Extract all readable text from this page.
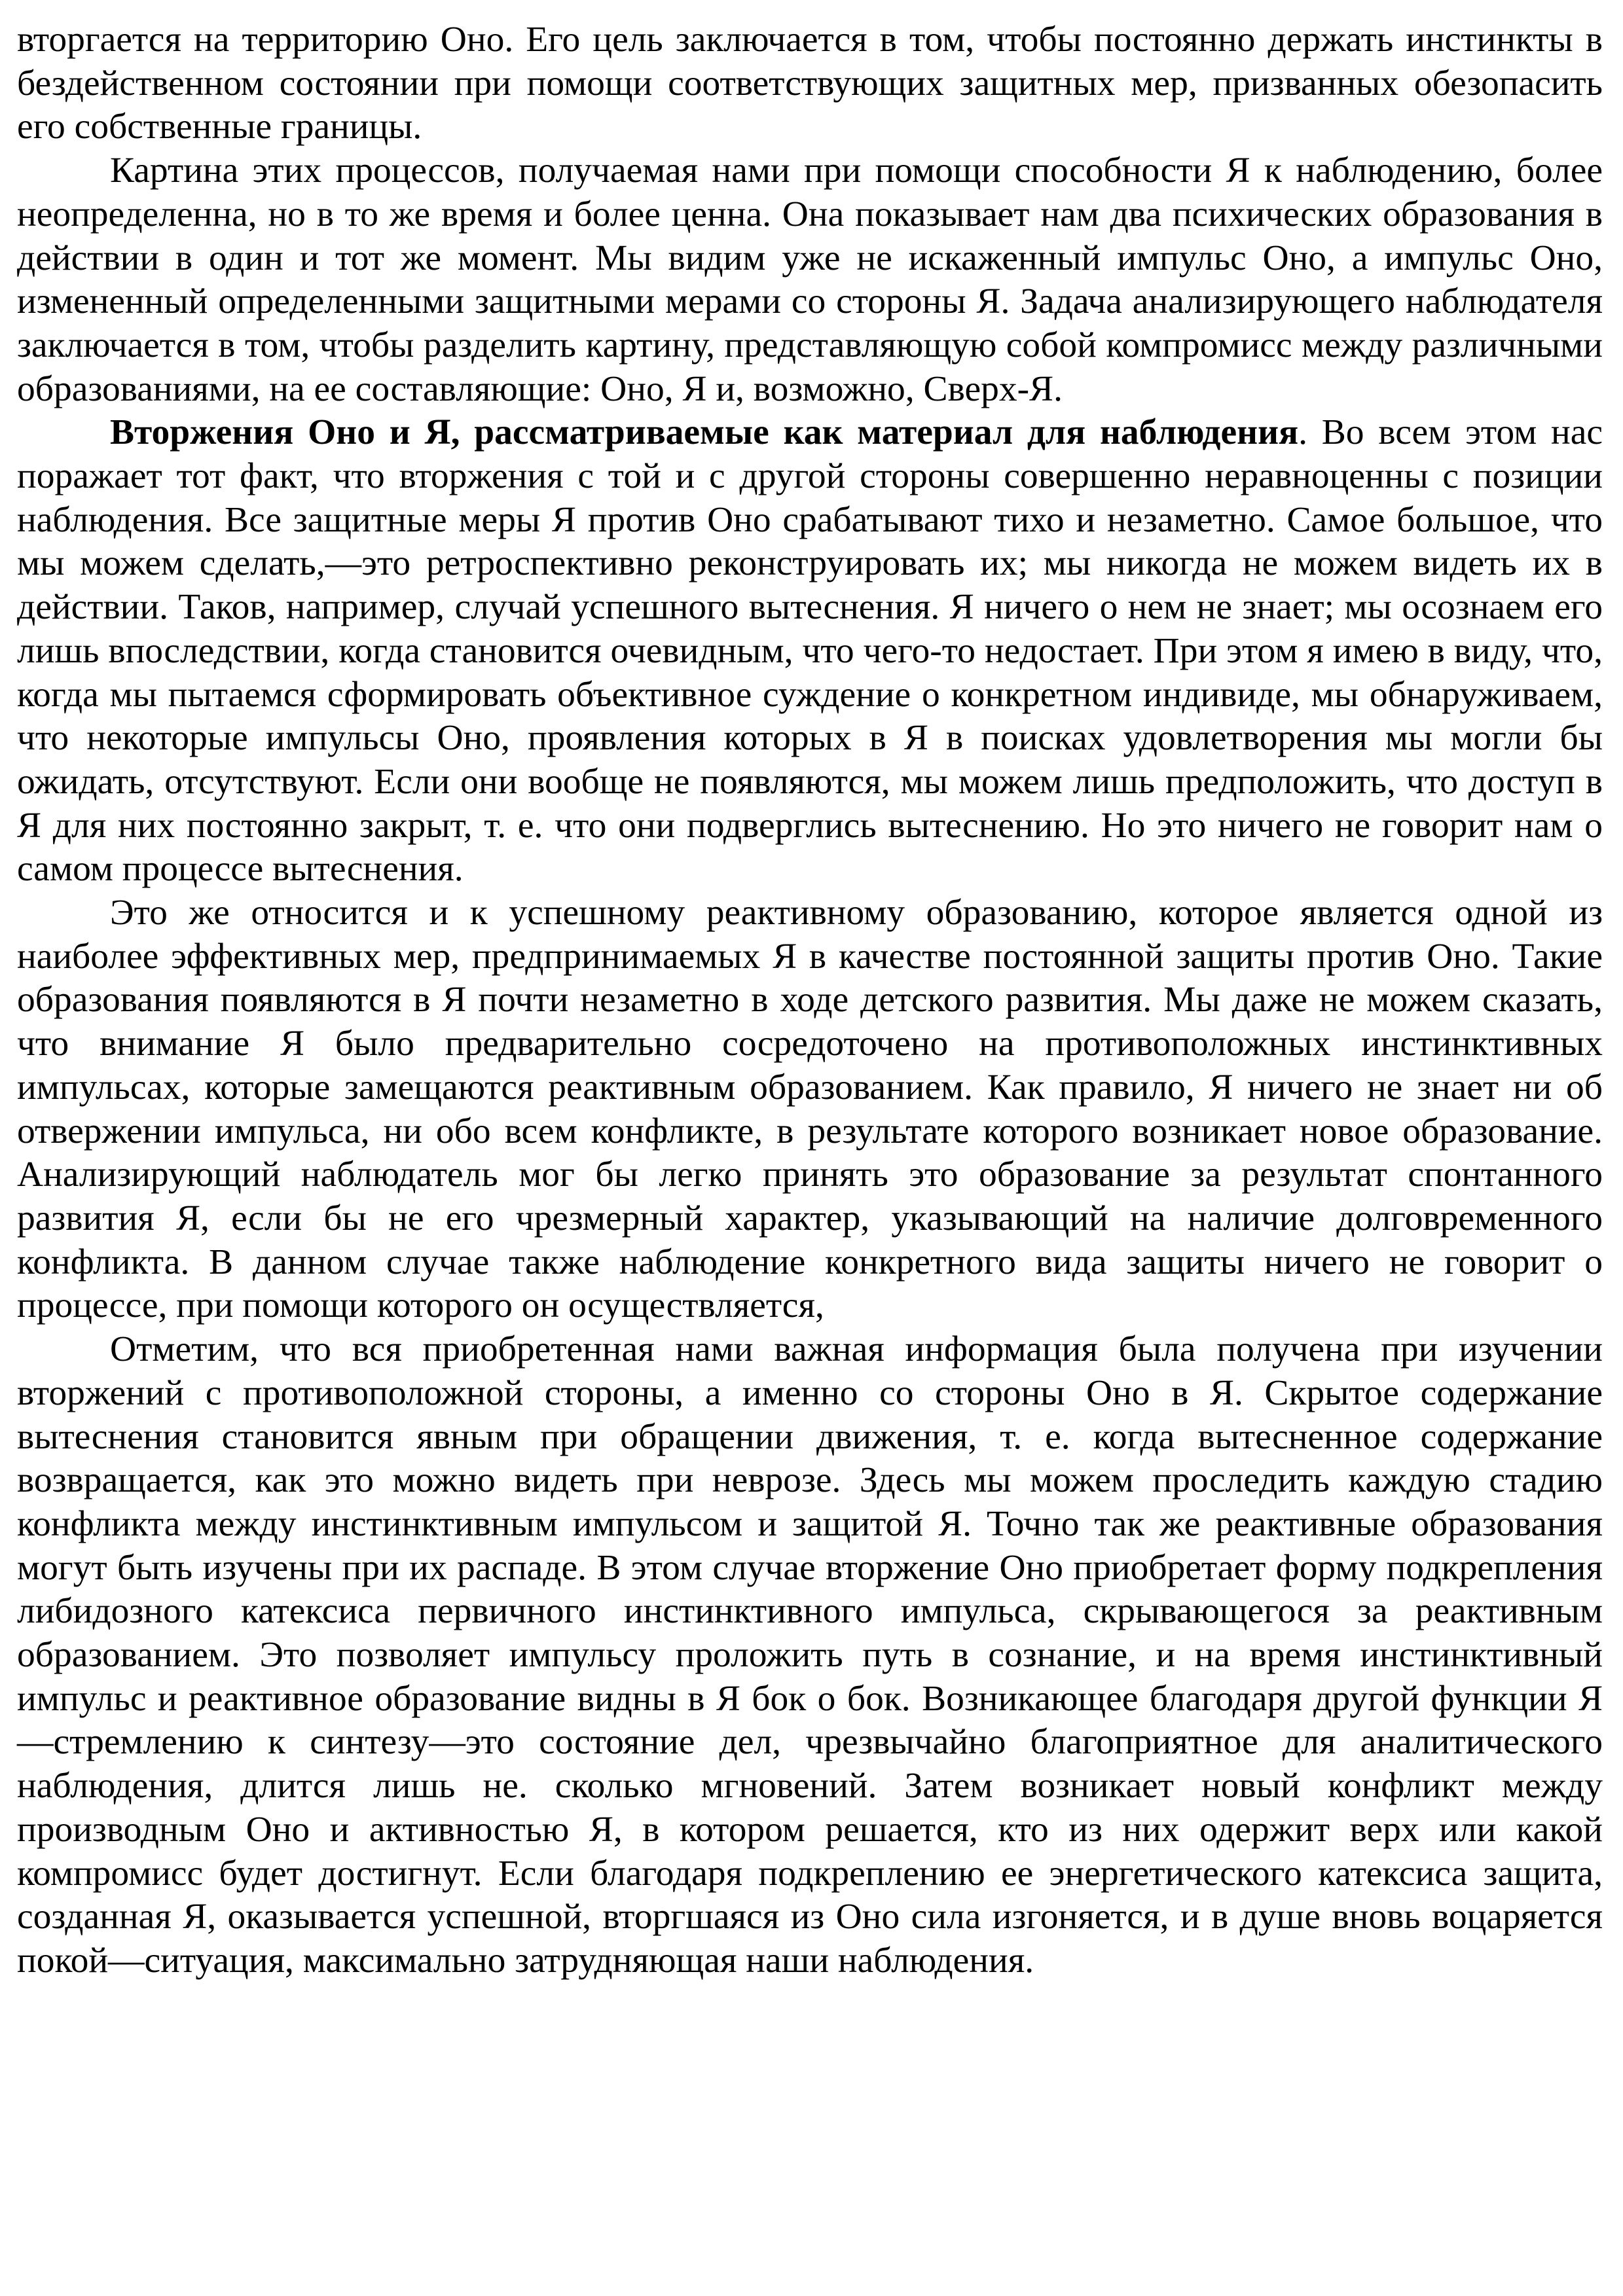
вторгается на территорию Оно. Его цель заключается в том, чтобы постоянно держать инстинкты в бездейственном состоянии при помощи соответствующих защитных мер, призванных обезопасить его собственные границы.

Картина этих процессов, получаемая нами при помощи способности Я к наблюдению, более неопределенна, но в то же время и более ценна. Она показывает нам два психических образования в действии в один и тот же момент. Мы видим уже не искаженный импульс Оно, а импульс Оно, измененный определенными защитными мерами со стороны Я. Задача анализирующего наблюдателя заключается в том, чтобы разделить картину, представляющую собой компромисс между различными образованиями, на ее составляющие: Оно, Я и, возможно, Сверх-Я.

Вторжения Оно и Я, рассматриваемые как материал для наблюдения. Во всем этом нас поражает тот факт, что вторжения с той и с другой стороны совершенно неравноценны с позиции наблюдения. Все защитные меры Я против Оно срабатывают тихо и незаметно. Самое большое, что мы можем сделать,—это ретроспективно реконструировать их; мы никогда не можем видеть их в действии. Таков, например, случай успешного вытеснения. Я ничего о нем не знает; мы осознаем его лишь впоследствии, когда становится очевидным, что чего-то недостает. При этом я имею в виду, что, когда мы пытаемся сформировать объективное суждение о конкретном индивиде, мы обнаруживаем, что некоторые импульсы Оно, проявления которых в Я в поисках удовлетворения мы могли бы ожидать, отсутствуют. Если они вообще не появляются, мы можем лишь предположить, что доступ в Я для них постоянно закрыт, т. е. что они подверглись вытеснению. Но это ничего не говорит нам о самом процессе вытеснения.

Это же относится и к успешному реактивному образованию, которое является одной из наиболее эффективных мер, предпринимаемых Я в качестве постоянной защиты против Оно. Такие образования появляются в Я почти незаметно в ходе детского развития. Мы даже не можем сказать, что внимание Я было предварительно сосредоточено на противоположных инстинктивных импульсах, которые замещаются реактивным образованием. Как правило, Я ничего не знает ни об отвержении импульса, ни обо всем конфликте, в результате которого возникает новое образование. Анализирующий наблюдатель мог бы легко принять это образование за результат спонтанного развития Я, если бы не его чрезмерный характер, указывающий на наличие долговременного конфликта. В данном случае также наблюдение конкретного вида защиты ничего не говорит о процессе, при помощи которого он осуществляется,

Отметим, что вся приобретенная нами важная информация была получена при изучении вторжений с противоположной стороны, а именно со стороны Оно в Я. Скрытое содержание вытеснения становится явным при обращении движения, т. е. когда вытесненное содержание возвращается, как это можно видеть при неврозе. Здесь мы можем проследить каждую стадию конфликта между инстинктивным импульсом и защитой Я. Точно так же реактивные образования могут быть изучены при их распаде. В этом случае вторжение Оно приобретает форму подкрепления либидозного катексиса первичного инстинктивного импульса, скрывающегося за реактивным образованием. Это позволяет импульсу проложить путь в сознание, и на время инстинктивный импульс и реактивное образование видны в Я бок о бок. Возникающее благодаря другой функции Я—стремлению к синтезу—это состояние дел, чрезвычайно благоприятное для аналитического наблюдения, длится лишь не. сколько мгновений. Затем возникает новый конфликт между производным Оно и активностью Я, в котором решается, кто из них одержит верх или какой компромисс будет достигнут. Если благодаря подкреплению ее энергетического катексиса защита, созданная Я, оказывается успешной, вторгшаяся из Оно сила изгоняется, и в душе вновь воцаряется покой—ситуация, максимально затрудняющая наши наблюдения.
